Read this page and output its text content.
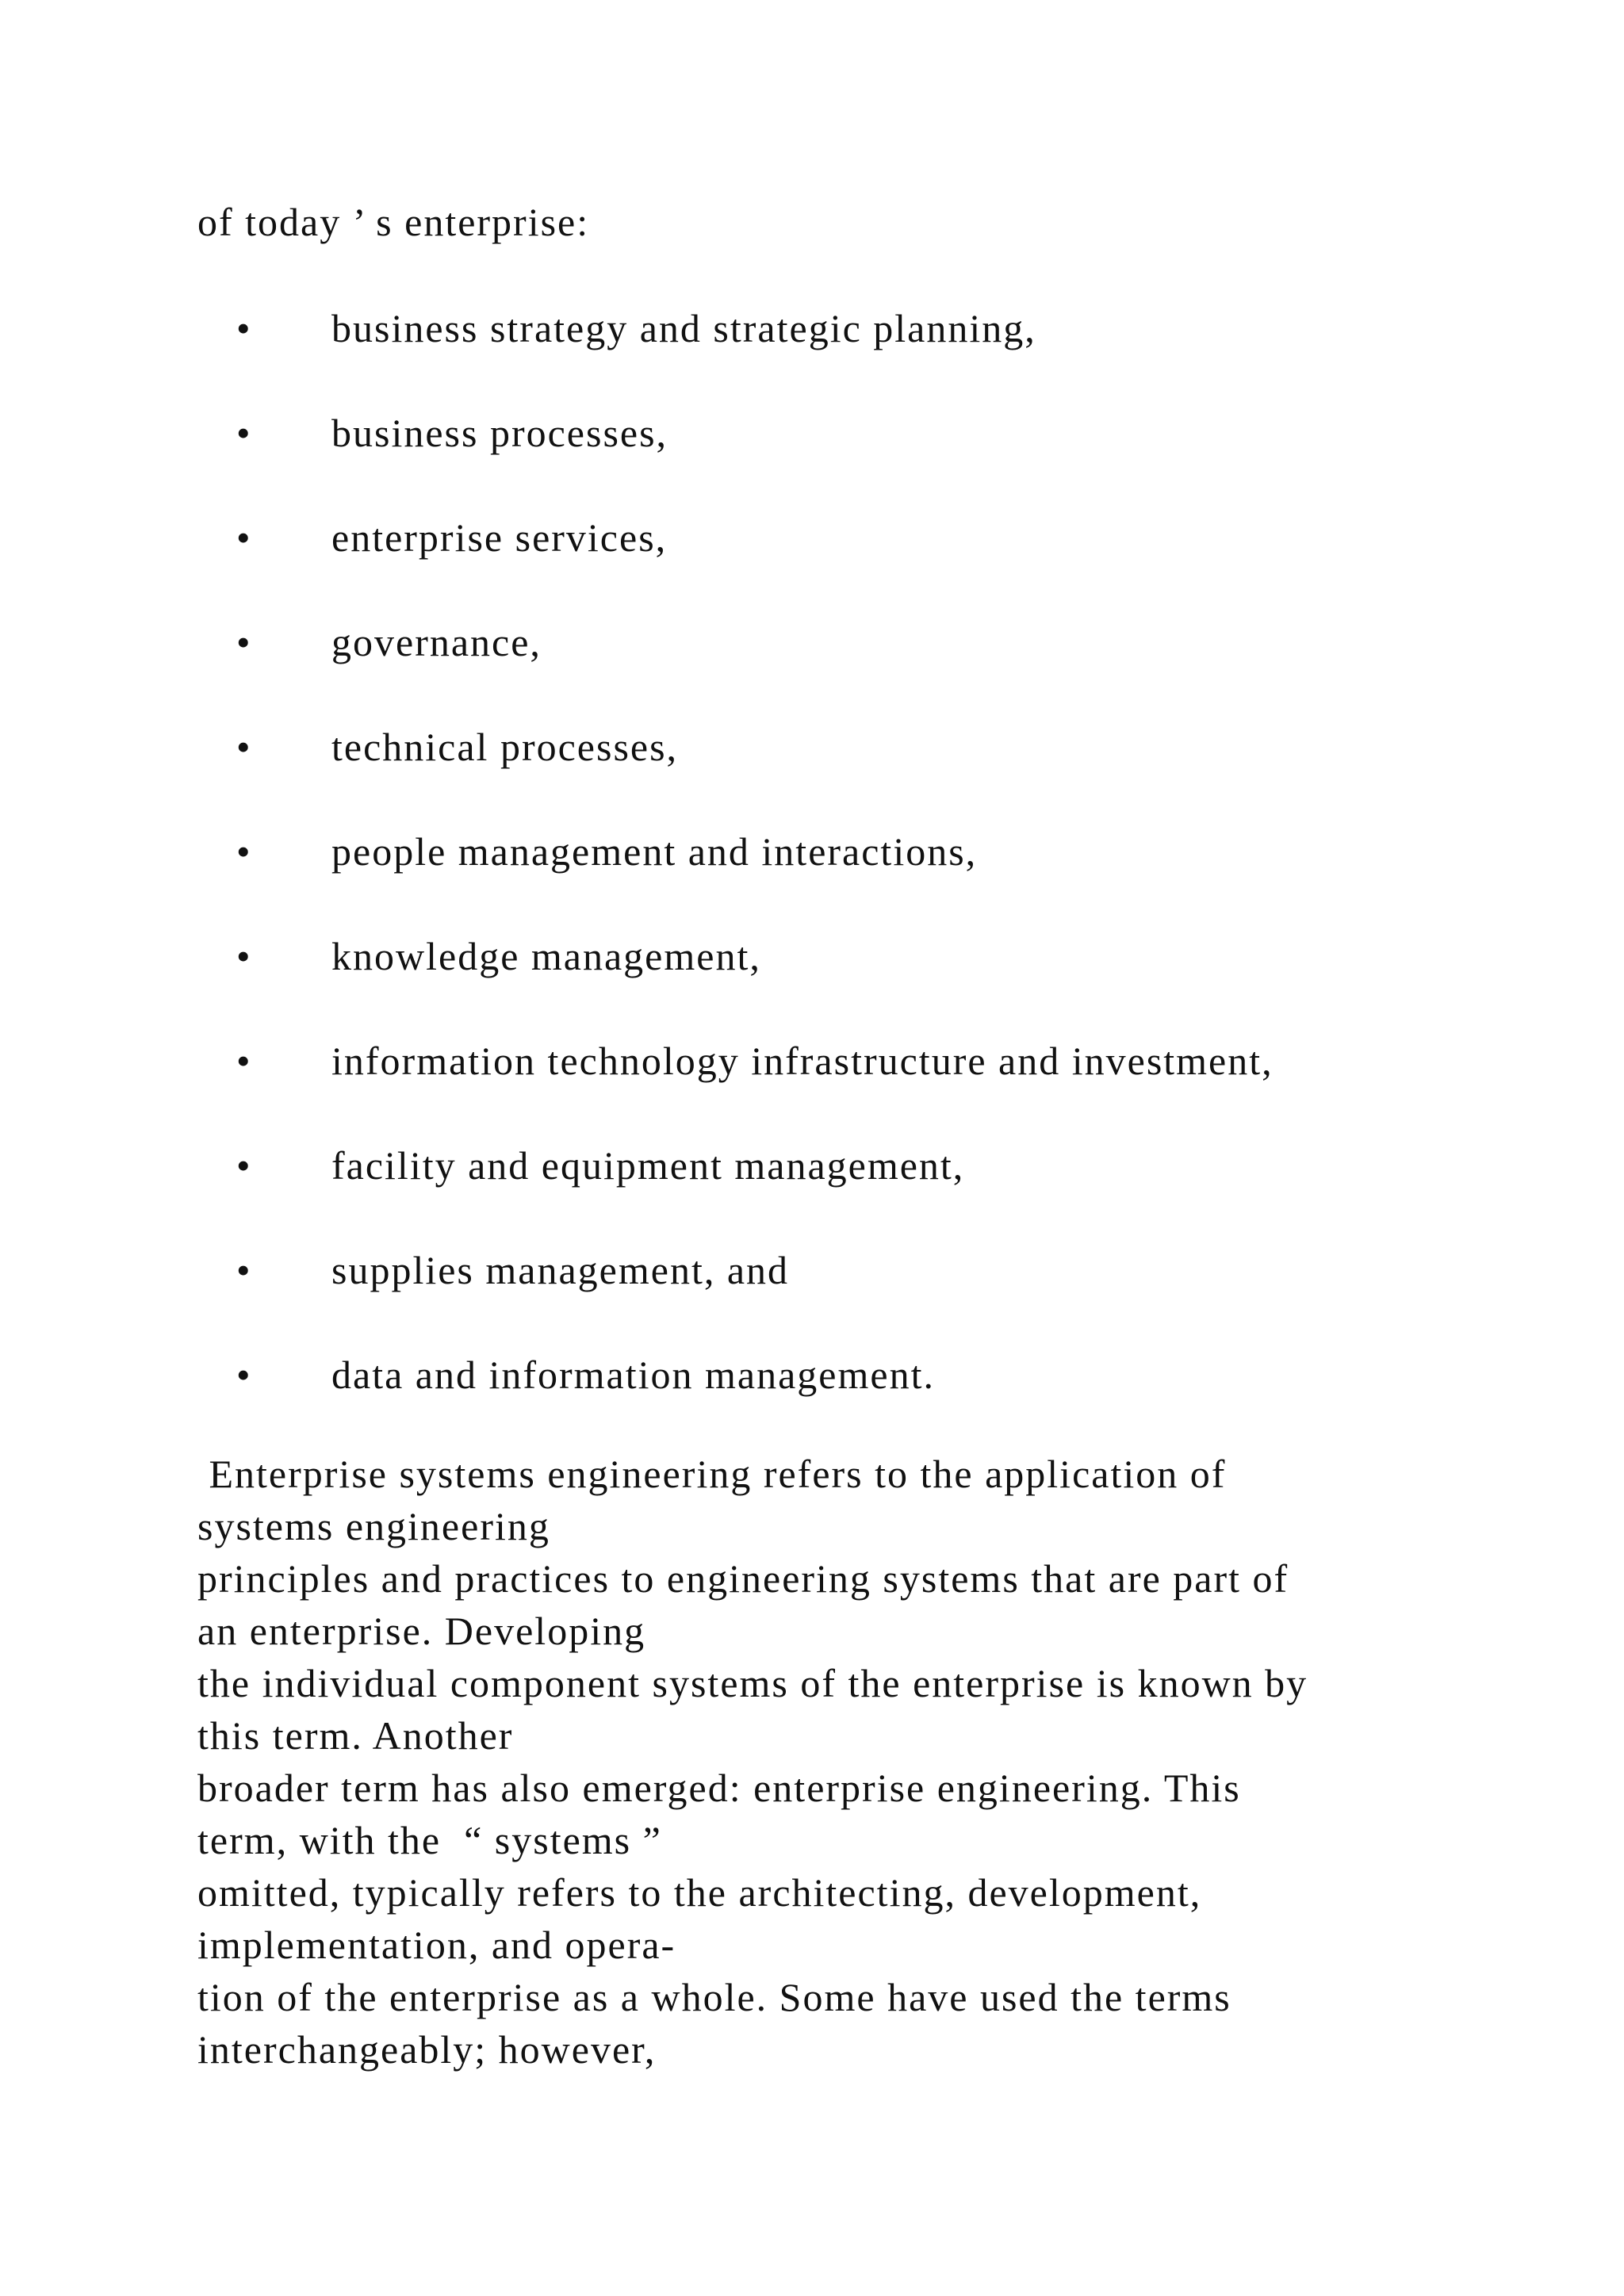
of today ’ s enterprise:
• business strategy and strategic planning,
• business processes,
• enterprise services,
• governance,
• technical processes,
• people management and interactions,
• knowledge management,
• information technology infrastructure and investment,
• facility and equipment management,
• supplies management, and
• data and information management.
Enterprise systems engineering refers to the application of
systems engineering
principles and practices to engineering systems that are part of
an enterprise. Developing
the individual component systems of the enterprise is known by
this term. Another
broader term has also emerged: enterprise engineering. This
term, with the  “ systems ”
omitted, typically refers to the architecting, development,
implementation, and opera-
tion of the enterprise as a whole. Some have used the terms
interchangeably; however,
